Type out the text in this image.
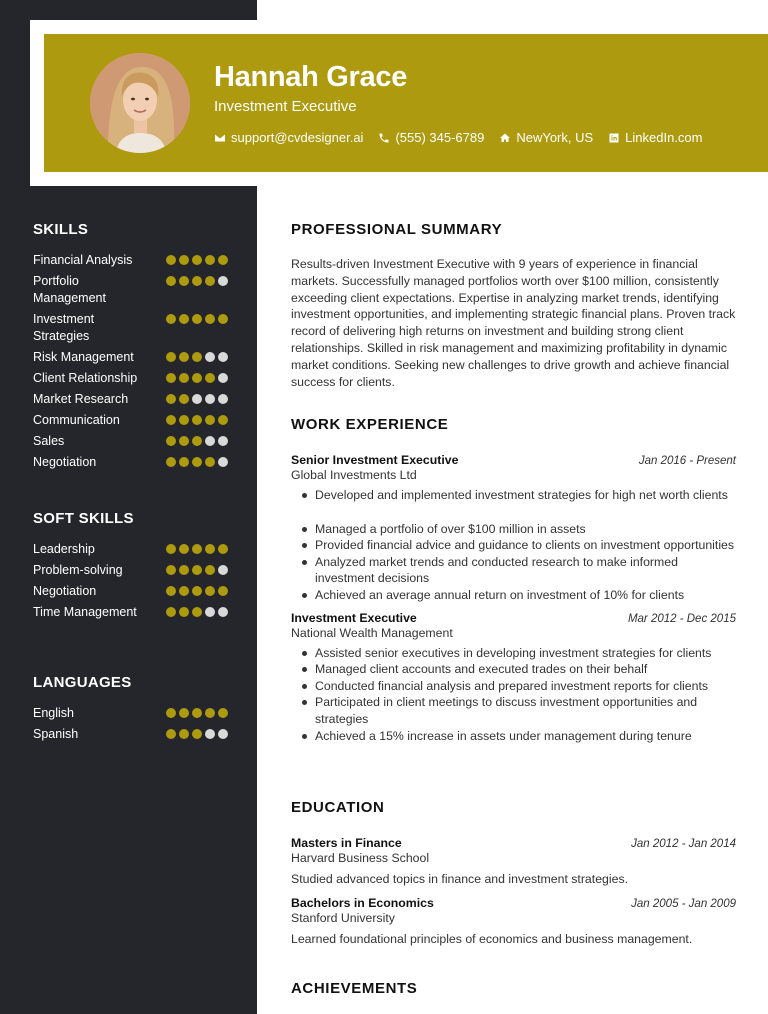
Hannah Grace
Investment Executive
support@cvdesigner.ai (555) 345-6789 NewYork, US LinkedIn.com
SKILLS
Financial Analysis
Portfolio Management
Investment Strategies
Risk Management
Client Relationship
Market Research
Communication
Sales
Negotiation
SOFT SKILLS
Leadership
Problem-solving
Negotiation
Time Management
LANGUAGES
English
Spanish
PROFESSIONAL SUMMARY
Results-driven Investment Executive with 9 years of experience in financial markets. Successfully managed portfolios worth over $100 million, consistently exceeding client expectations. Expertise in analyzing market trends, identifying investment opportunities, and implementing strategic financial plans. Proven track record of delivering high returns on investment and building strong client relationships. Skilled in risk management and maximizing profitability in dynamic market conditions. Seeking new challenges to drive growth and achieve financial success for clients.
WORK EXPERIENCE
Senior Investment Executive	Jan 2016 - Present
Global Investments Ltd
Developed and implemented investment strategies for high net worth clients
Managed a portfolio of over $100 million in assets
Provided financial advice and guidance to clients on investment opportunities
Analyzed market trends and conducted research to make informed investment decisions
Achieved an average annual return on investment of 10% for clients
Investment Executive	Mar 2012 - Dec 2015
National Wealth Management
Assisted senior executives in developing investment strategies for clients
Managed client accounts and executed trades on their behalf
Conducted financial analysis and prepared investment reports for clients
Participated in client meetings to discuss investment opportunities and strategies
Achieved a 15% increase in assets under management during tenure
EDUCATION
Masters in Finance	Jan 2012 - Jan 2014
Harvard Business School
Studied advanced topics in finance and investment strategies.
Bachelors in Economics	Jan 2005 - Jan 2009
Stanford University
Learned foundational principles of economics and business management.
ACHIEVEMENTS
